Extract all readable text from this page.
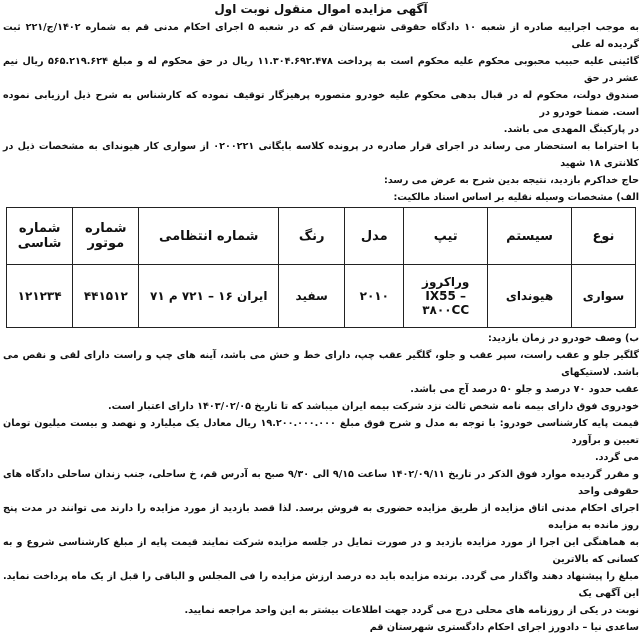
آگهی مزایده اموال منقول نوبت اول

به موجب اجراییه صادره از شعبه ۱۰ دادگاه حقوقی شهرستان قم که در شعبه ۵ اجرای احکام مدنی قم به شماره ۱۴۰۲/ج/۲۲۱ ثبت گردیده له علی

گائینی علیه حبیب محبوبی محکوم علیه محکوم است به پرداخت ۱۱.۳۰۴.۶۹۲.۴۷۸ ریال در حق محکوم له و مبلغ ۵۶۵.۲۱۹.۶۲۴ ریال نیم عشر در حق

صندوق دولت، محکوم له در قبال بدهی محکوم علیه خودرو متصوره پرهیزگار توقیف نموده که کارشناس به شرح ذیل ارزیابی نموده است. ضمنا خودرو در

در پارکینگ المهدی می باشد.

با احتراما به استحضار می رساند در اجرای قرار صادره در پرونده کلاسه بایگانی ۰۲۰۰۲۲۱ از سواری کار هیوندای به مشخصات ذیل در کلانتری ۱۸ شهید

حاج خداکرم بازدید، نتیجه بدین شرح به عرض می رسد:

الف) مشخصات وسیله نقلیه بر اساس اسناد مالکیت:
نوع	سیستم	تیپ	مدل	رنگ	شماره انتظامی	شماره موتور	شماره شاسی
سواری	هیوندای	وراکروز IX55 – ۳۸۰۰CC	۲۰۱۰	سفید	ایران ۱۶ – ۷۲۱ م ۷۱	۴۴۱۵۱۲	۱۲۱۲۳۴
ب) وصف خودرو در زمان بازدید:

گلگیر جلو و عقب راست، سپر عقب و جلو، گلگیر عقب چپ، دارای خط و خش می باشد، آینه های چپ و راست دارای لقی و نقص می باشد. لاستیکهای

عقب حدود ۷۰ درصد و جلو ۵۰ درصد آج می باشد.

خودروی فوق دارای بیمه نامه شخص ثالث نزد شرکت بیمه ایران میباشد که تا تاریخ ۱۴۰۳/۰۲/۰۵ دارای اعتبار است.

قیمت پایه کارشناسی خودرو: با توجه به مدل و شرح فوق مبلغ ۱۹.۲۰۰.۰۰۰.۰۰۰ ریال معادل یک میلیارد و نهصد و بیست میلیون تومان تعیین و برآورد

می گردد.

و مقرر گردیده موارد فوق الذکر در تاریخ ۱۴۰۲/۰۹/۱۱ ساعت ۹/۱۵ الی ۹/۳۰ صبح به آدرس قم، خ ساحلی، جنب زندان ساحلی دادگاه های حقوقی واحد

اجرای احکام مدنی اتاق مزایده از طریق مزایده حضوری به فروش برسد. لذا قصد بازدید از مورد مزایده را دارند می توانند در مدت پنج روز مانده به مزایده

به هماهنگی این اجرا از مورد مزایده بازدید و در صورت تمایل در جلسه مزایده شرکت نمایند قیمت پایه از مبلغ کارشناسی شروع و به کسانی که بالاترین

مبلغ را پیشنهاد دهند واگذار می گردد. برنده مزایده باید ده درصد ارزش مزایده را فی المجلس و الباقی را قبل از یک ماه پرداخت نماید. این آگهی یک

نوبت در یکی از روزنامه های محلی درج می گردد جهت اطلاعات بیشتر به این واحد مراجعه نمایید.

ساعدی نیا – دادورز اجرای احکام دادگستری شهرستان قم
